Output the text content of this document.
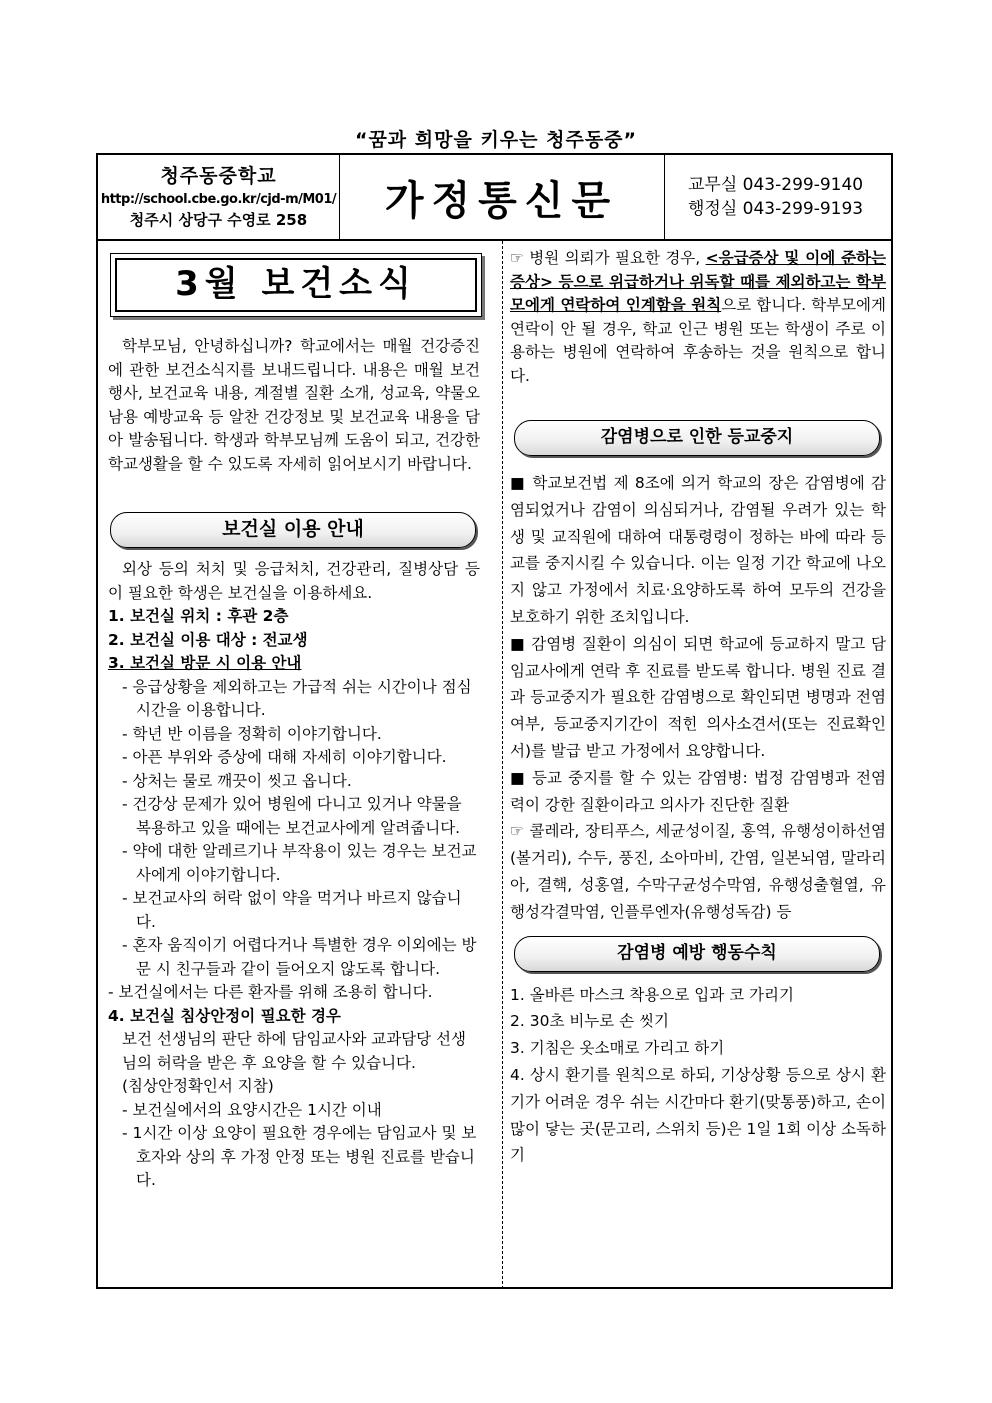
“꿈과 희망을 키우는 청주동중”
청주동중학교
http://school.cbe.go.kr/cjd-m/M01/
청주시 상당구 수영로 258	가정통신문	교무실 043-299-9140
행정실 043-299-9193
3월 보건소식

학부모님, 안녕하십니까? 학교에서는 매월 건강증진에 관한 보건소식지를 보내드립니다. 내용은 매월 보건행사, 보건교육 내용, 계절별 질환 소개, 성교육, 약물오남용 예방교육 등 알찬 건강정보 및 보건교육 내용을 담아 발송됩니다. 학생과 학부모님께 도움이 되고, 건강한 학교생활을 할 수 있도록 자세히 읽어보시기 바랍니다.

보건실 이용 안내

외상 등의 처치 및 응급처치, 건강관리, 질병상담 등이 필요한 학생은 보건실을 이용하세요.

1. 보건실 위치 : 후관 2층

2. 보건실 이용 대상 : 전교생

3. 보건실 방문 시 이용 안내

- 응급상황을 제외하고는 가급적 쉬는 시간이나 점심시간을 이용합니다.

- 학년 반 이름을 정확히 이야기합니다.

- 아픈 부위와 증상에 대해 자세히 이야기합니다.

- 상처는 물로 깨끗이 씻고 옵니다.

- 건강상 문제가 있어 병원에 다니고 있거나 약물을 복용하고 있을 때에는 보건교사에게 알려줍니다.

- 약에 대한 알레르기나 부작용이 있는 경우는 보건교사에게 이야기합니다.

- 보건교사의 허락 없이 약을 먹거나 바르지 않습니다.

- 혼자 움직이기 어렵다거나 특별한 경우 이외에는 방문 시 친구들과 같이 들어오지 않도록 합니다.

- 보건실에서는 다른 환자를 위해 조용히 합니다.

4. 보건실 침상안정이 필요한 경우

보건 선생님의 판단 하에 담임교사와 교과담당 선생님의 허락을 받은 후 요양을 할 수 있습니다.

(침상안정확인서 지참)

- 보건실에서의 요양시간은 1시간 이내

- 1시간 이상 요양이 필요한 경우에는 담임교사 및 보호자와 상의 후 가정 안정 또는 병원 진료를 받습니다.

☞ 병원 의뢰가 필요한 경우, <응급증상 및 이에 준하는 증상> 등으로 위급하거나 위독할 때를 제외하고는 학부모에게 연락하여 인계함을 원칙으로 합니다. 학부모에게 연락이 안 될 경우, 학교 인근 병원 또는 학생이 주로 이용하는 병원에 연락하여 후송하는 것을 원칙으로 합니다.

감염병으로 인한 등교중지

■ 학교보건법 제 8조에 의거 학교의 장은 감염병에 감염되었거나 감염이 의심되거나, 감염될 우려가 있는 학생 및 교직원에 대하여 대통령령이 정하는 바에 따라 등교를 중지시킬 수 있습니다. 이는 일정 기간 학교에 나오지 않고 가정에서 치료·요양하도록 하여 모두의 건강을 보호하기 위한 조치입니다.

■ 감염병 질환이 의심이 되면 학교에 등교하지 말고 담임교사에게 연락 후 진료를 받도록 합니다. 병원 진료 결과 등교중지가 필요한 감염병으로 확인되면 병명과 전염여부, 등교중지기간이 적힌 의사소견서(또는 진료확인서)를 발급 받고 가정에서 요양합니다.

■ 등교 중지를 할 수 있는 감염병: 법정 감염병과 전염력이 강한 질환이라고 의사가 진단한 질환

☞ 콜레라, 장티푸스, 세균성이질, 홍역, 유행성이하선염(볼거리), 수두, 풍진, 소아마비, 간염, 일본뇌염, 말라리아, 결핵, 성홍열, 수막구균성수막염, 유행성출혈열, 유행성각결막염, 인플루엔자(유행성독감) 등

감염병 예방 행동수칙

1. 올바른 마스크 착용으로 입과 코 가리기

2. 30초 비누로 손 씻기

3. 기침은 옷소매로 가리고 하기

4. 상시 환기를 원칙으로 하되, 기상상황 등으로 상시 환기가 어려운 경우 쉬는 시간마다 환기(맞통풍)하고, 손이 많이 닿는 곳(문고리, 스위치 등)은 1일 1회 이상 소독하기
